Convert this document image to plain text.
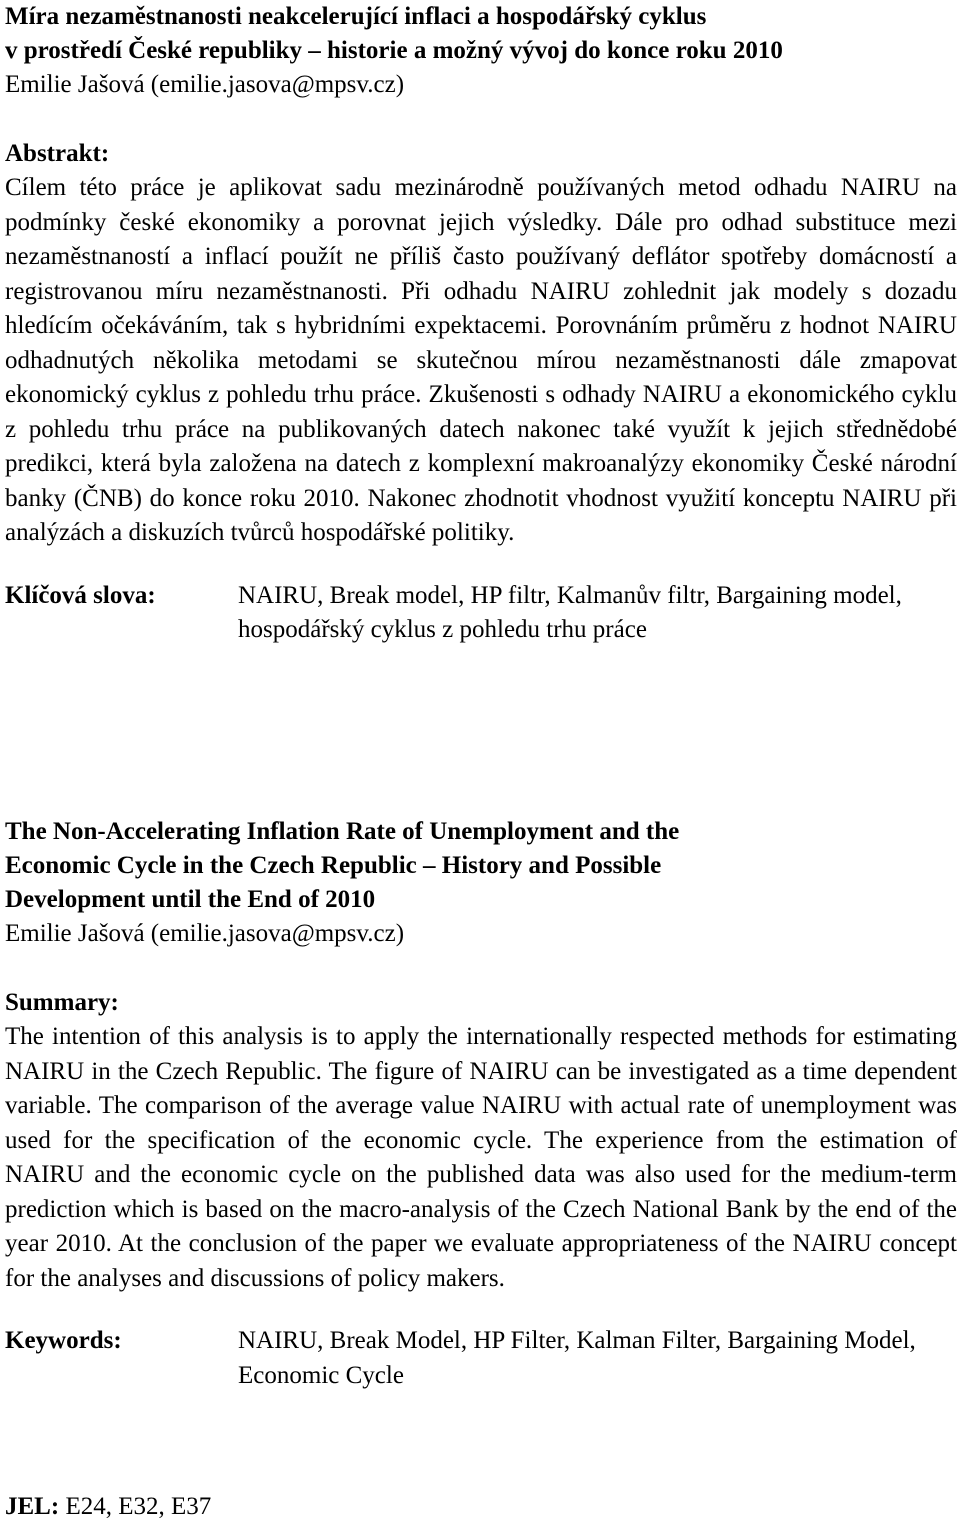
Míra nezaměstnanosti neakcelerující inflaci a hospodářský cyklus
v prostředí České republiky – historie a možný vývoj do konce roku 2010

Emilie Jašová (emilie.jasova@mpsv.cz)

Abstrakt:

Cílem této práce je aplikovat sadu mezinárodně používaných metod odhadu NAIRU na podmínky české ekonomiky a porovnat jejich výsledky. Dále pro odhad substituce mezi nezaměstnaností a inflací použít ne příliš často používaný deflátor spotřeby domácností a registrovanou míru nezaměstnanosti. Při odhadu NAIRU zohlednit jak modely s dozadu hledícím očekáváním, tak s hybridními expektacemi. Porovnáním průměru z hodnot NAIRU odhadnutých několika metodami se skutečnou mírou nezaměstnanosti dále zmapovat ekonomický cyklus z pohledu trhu práce. Zkušenosti s odhady NAIRU a ekonomického cyklu z pohledu trhu práce na publikovaných datech nakonec také využít k jejich střednědobé predikci, která byla založena na datech z komplexní makroanalýzy ekonomiky České národní banky (ČNB) do konce roku 2010. Nakonec zhodnotit vhodnost využití konceptu NAIRU při analýzách a diskuzích tvůrců hospodářské politiky.

Klíčová slova:	NAIRU, Break model, HP filtr, Kalmanův filtr, Bargaining model, hospodářský cyklus z pohledu trhu práce

The Non-Accelerating Inflation Rate of Unemployment and the
Economic Cycle in the Czech Republic – History and Possible
Development until the End of 2010

Emilie Jašová (emilie.jasova@mpsv.cz)

Summary:

The intention of this analysis is to apply the internationally respected methods for estimating NAIRU in the Czech Republic. The figure of NAIRU can be investigated as a time dependent variable. The comparison of the average value NAIRU with actual rate of unemployment was used for the specification of the economic cycle. The experience from the estimation of NAIRU and the economic cycle on the published data was also used for the medium-term prediction which is based on the macro-analysis of the Czech National Bank by the end of the year 2010. At the conclusion of the paper we evaluate appropriateness of the NAIRU concept for the analyses and discussions of policy makers.

Keywords:	NAIRU, Break Model, HP Filter, Kalman Filter, Bargaining Model, Economic Cycle

JEL: E24, E32, E37
